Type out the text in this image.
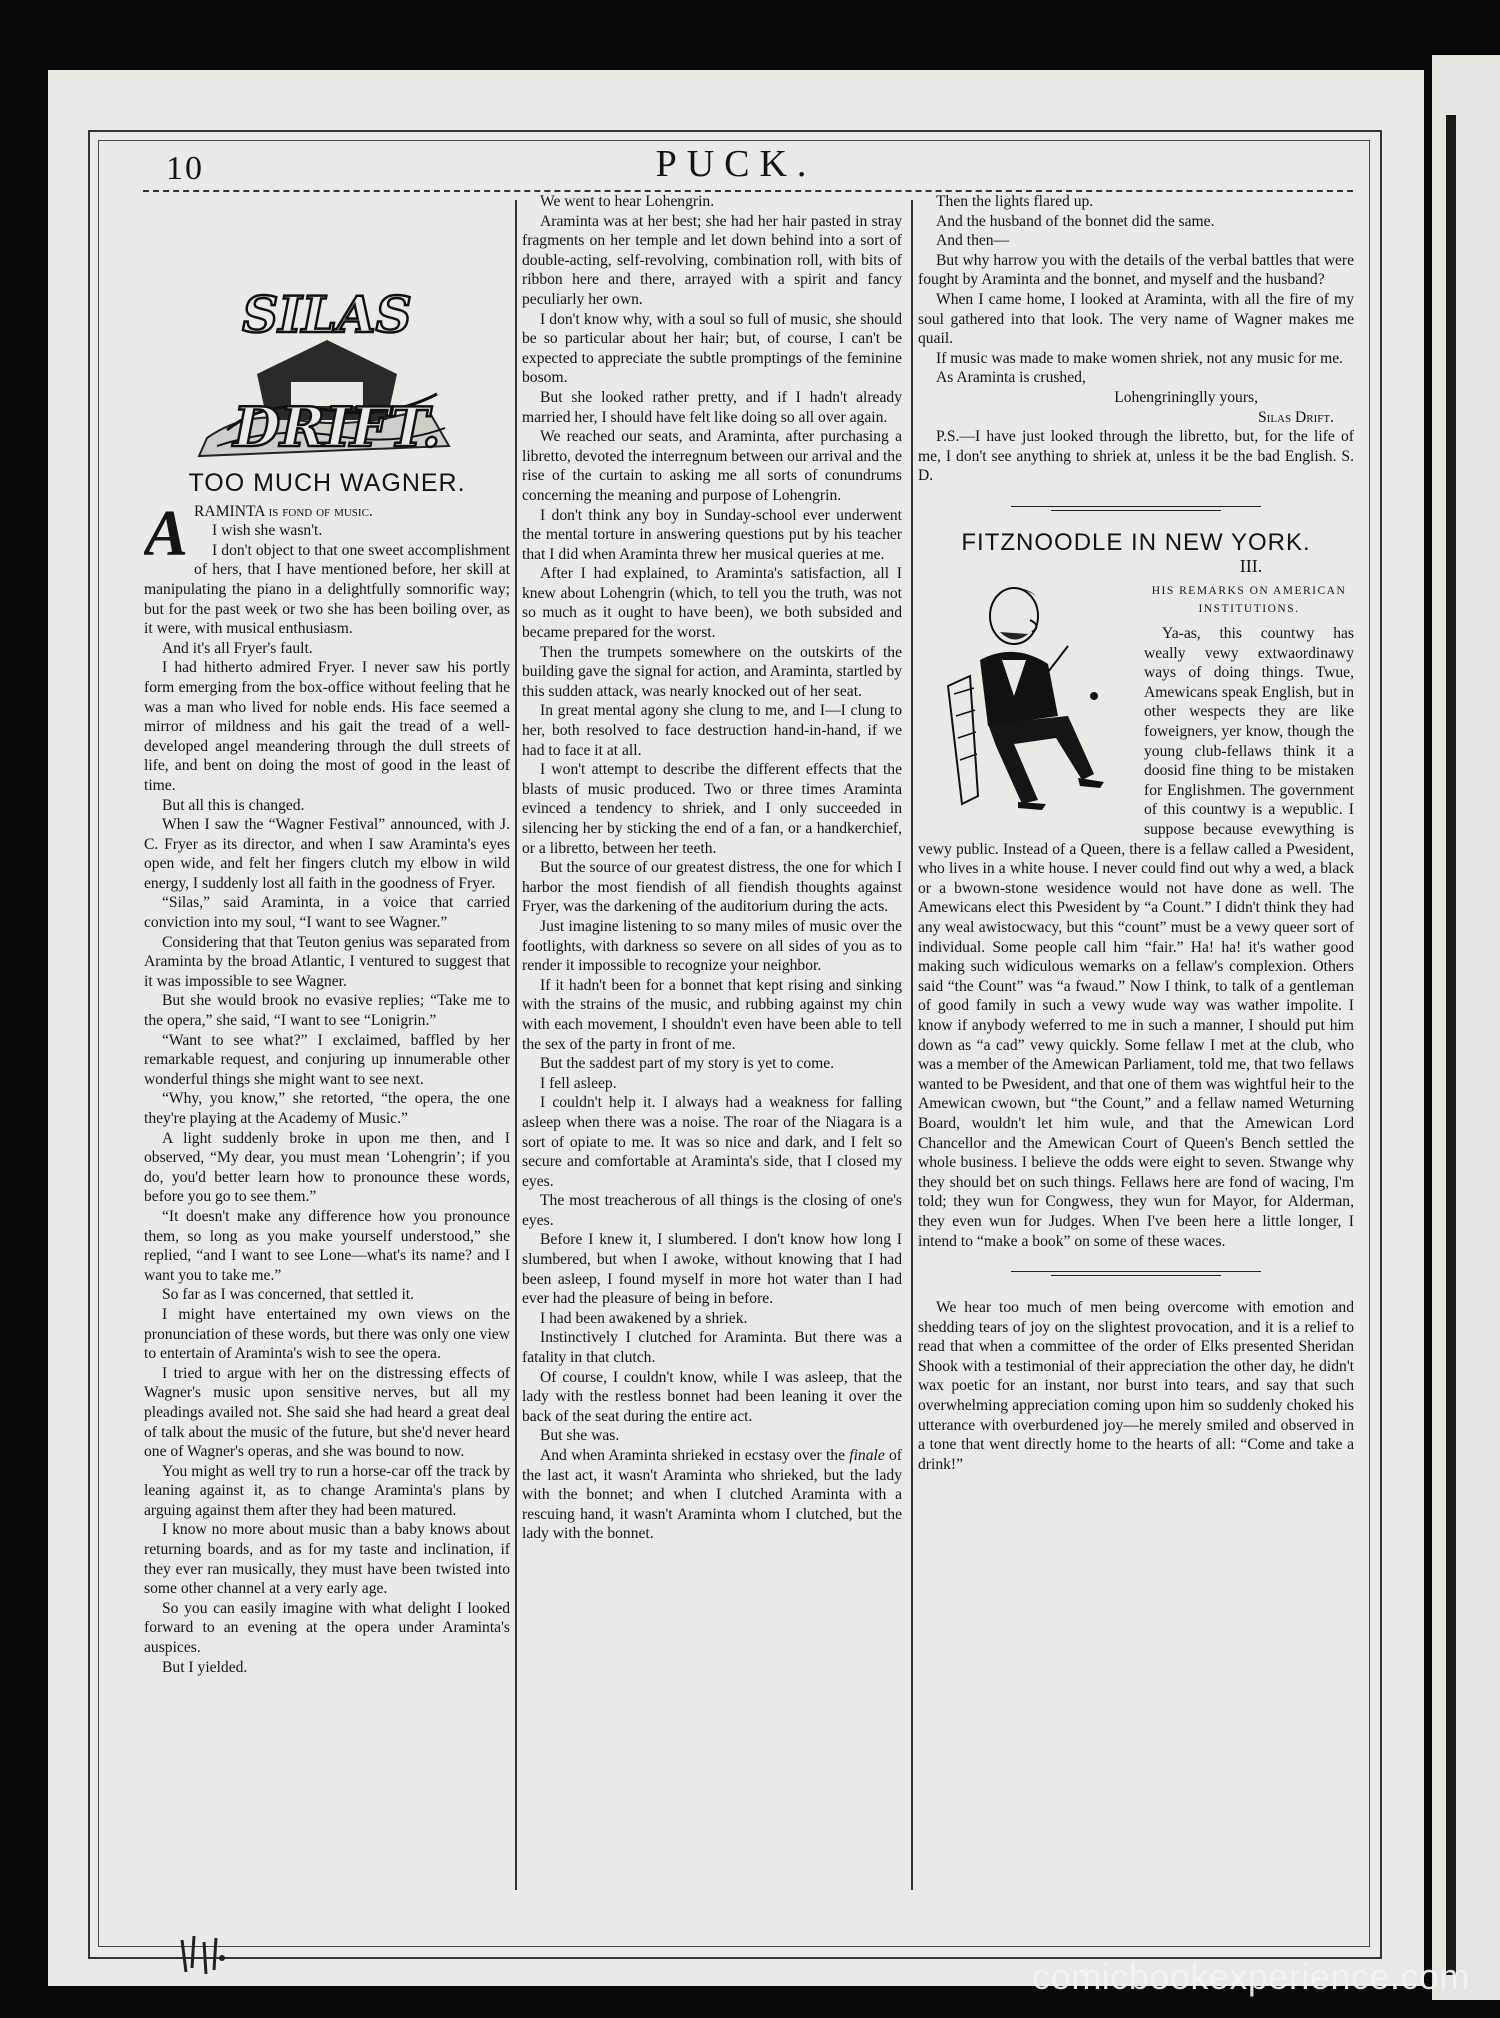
10	PUCK.
SILAS
DRIFT.
TOO MUCH WAGNER.

ARAMINTA is fond of music.

I wish she wasn't.

I don't object to that one sweet accomplishment of hers, that I have mentioned before, her skill at manipulating the piano in a delightfully somnorific way; but for the past week or two she has been boiling over, as it were, with musical enthusiasm.

And it's all Fryer's fault.

I had hitherto admired Fryer. I never saw his portly form emerging from the box-office without feeling that he was a man who lived for noble ends. His face seemed a mirror of mildness and his gait the tread of a well-developed angel meandering through the dull streets of life, and bent on doing the most of good in the least of time.

But all this is changed.

When I saw the “Wagner Festival” announced, with J. C. Fryer as its director, and when I saw Araminta's eyes open wide, and felt her fingers clutch my elbow in wild energy, I suddenly lost all faith in the goodness of Fryer.

“Silas,” said Araminta, in a voice that carried conviction into my soul, “I want to see Wagner.”

Considering that that Teuton genius was separated from Araminta by the broad Atlantic, I ventured to suggest that it was impossible to see Wagner.

But she would brook no evasive replies; “Take me to the opera,” she said, “I want to see “Lonigrin.”

“Want to see what?” I exclaimed, baffled by her remarkable request, and conjuring up innumerable other wonderful things she might want to see next.

“Why, you know,” she retorted, “the opera, the one they're playing at the Academy of Music.”

A light suddenly broke in upon me then, and I observed, “My dear, you must mean ‘Lohengrin’; if you do, you'd better learn how to pronounce these words, before you go to see them.”

“It doesn't make any difference how you pronounce them, so long as you make yourself understood,” she replied, “and I want to see Lone—what's its name? and I want you to take me.”

So far as I was concerned, that settled it.

I might have entertained my own views on the pronunciation of these words, but there was only one view to entertain of Araminta's wish to see the opera.

I tried to argue with her on the distressing effects of Wagner's music upon sensitive nerves, but all my pleadings availed not. She said she had heard a great deal of talk about the music of the future, but she'd never heard one of Wagner's operas, and she was bound to now.

You might as well try to run a horse-car off the track by leaning against it, as to change Araminta's plans by arguing against them after they had been matured.

I know no more about music than a baby knows about returning boards, and as for my taste and inclination, if they ever ran musically, they must have been twisted into some other channel at a very early age.

So you can easily imagine with what delight I looked forward to an evening at the opera under Araminta's auspices.

But I yielded.

We went to hear Lohengrin.

Araminta was at her best; she had her hair pasted in stray fragments on her temple and let down behind into a sort of double-acting, self-revolving, combination roll, with bits of ribbon here and there, arrayed with a spirit and fancy peculiarly her own.

I don't know why, with a soul so full of music, she should be so particular about her hair; but, of course, I can't be expected to appreciate the subtle promptings of the feminine bosom.

But she looked rather pretty, and if I hadn't already married her, I should have felt like doing so all over again.

We reached our seats, and Araminta, after purchasing a libretto, devoted the interregnum between our arrival and the rise of the curtain to asking me all sorts of conundrums concerning the meaning and purpose of Lohengrin.

I don't think any boy in Sunday-school ever underwent the mental torture in answering questions put by his teacher that I did when Araminta threw her musical queries at me.

After I had explained, to Araminta's satisfaction, all I knew about Lohengrin (which, to tell you the truth, was not so much as it ought to have been), we both subsided and became prepared for the worst.

Then the trumpets somewhere on the outskirts of the building gave the signal for action, and Araminta, startled by this sudden attack, was nearly knocked out of her seat.

In great mental agony she clung to me, and I—I clung to her, both resolved to face destruction hand-in-hand, if we had to face it at all.

I won't attempt to describe the different effects that the blasts of music produced. Two or three times Araminta evinced a tendency to shriek, and I only succeeded in silencing her by sticking the end of a fan, or a handkerchief, or a libretto, between her teeth.

But the source of our greatest distress, the one for which I harbor the most fiendish of all fiendish thoughts against Fryer, was the darkening of the auditorium during the acts.

Just imagine listening to so many miles of music over the footlights, with darkness so severe on all sides of you as to render it impossible to recognize your neighbor.

If it hadn't been for a bonnet that kept rising and sinking with the strains of the music, and rubbing against my chin with each movement, I shouldn't even have been able to tell the sex of the party in front of me.

But the saddest part of my story is yet to come.

I fell asleep.

I couldn't help it. I always had a weakness for falling asleep when there was a noise. The roar of the Niagara is a sort of opiate to me. It was so nice and dark, and I felt so secure and comfortable at Araminta's side, that I closed my eyes.

The most treacherous of all things is the closing of one's eyes.

Before I knew it, I slumbered. I don't know how long I slumbered, but when I awoke, without knowing that I had been asleep, I found myself in more hot water than I had ever had the pleasure of being in before.

I had been awakened by a shriek.

Instinctively I clutched for Araminta. But there was a fatality in that clutch.

Of course, I couldn't know, while I was asleep, that the lady with the restless bonnet had been leaning it over the back of the seat during the entire act.

But she was.

And when Araminta shrieked in ecstasy over the finale of the last act, it wasn't Araminta who shrieked, but the lady with the bonnet; and when I clutched Araminta with a rescuing hand, it wasn't Araminta whom I clutched, but the lady with the bonnet.

Then the lights flared up.

And the husband of the bonnet did the same.

And then—

But why harrow you with the details of the verbal battles that were fought by Araminta and the bonnet, and myself and the husband?

When I came home, I looked at Araminta, with all the fire of my soul gathered into that look. The very name of Wagner makes me quail.

If music was made to make women shriek, not any music for me.

As Araminta is crushed,

Lohengrininglly yours,

Silas Drift.

P.S.—I have just looked through the libretto, but, for the life of me, I don't see anything to shriek at, unless it be the bad English. S. D.

FITZNOODLE IN NEW YORK.
III.
HIS REMARKS ON AMERICAN INSTITUTIONS.

Ya-as, this countwy has weally vewy extwaordinawy ways of doing things. Twue, Amewicans speak English, but in other wespects they are like foweigners, yer know, though the young club-fellaws think it a doosid fine thing to be mistaken for Englishmen. The government of this countwy is a wepublic. I suppose because evewything is vewy public. Instead of a Queen, there is a fellaw called a Pwesident, who lives in a white house. I never could find out why a wed, a black or a bwown-stone wesidence would not have done as well. The Amewicans elect this Pwesident by “a Count.” I didn't think they had any weal awistocwacy, but this “count” must be a vewy queer sort of individual. Some people call him “fair.” Ha! ha! it's wather good making such widiculous wemarks on a fellaw's complexion. Others said “the Count” was “a fwaud.” Now I think, to talk of a gentleman of good family in such a vewy wude way was wather impolite. I know if anybody weferred to me in such a manner, I should put him down as “a cad” vewy quickly. Some fellaw I met at the club, who was a member of the Amewican Parliament, told me, that two fellaws wanted to be Pwesident, and that one of them was wightful heir to the Amewican cwown, but “the Count,” and a fellaw named Weturning Board, wouldn't let him wule, and that the Amewican Lord Chancellor and the Amewican Court of Queen's Bench settled the whole business. I believe the odds were eight to seven. Stwange why they should bet on such things. Fellaws here are fond of wacing, I'm told; they wun for Congwess, they wun for Mayor, for Alderman, they even wun for Judges. When I've been here a little longer, I intend to “make a book” on some of these waces.

We hear too much of men being overcome with emotion and shedding tears of joy on the slightest provocation, and it is a relief to read that when a committee of the order of Elks presented Sheridan Shook with a testimonial of their appreciation the other day, he didn't wax poetic for an instant, nor burst into tears, and say that such overwhelming appreciation coming upon him so suddenly choked his utterance with overburdened joy—he merely smiled and observed in a tone that went directly home to the hearts of all: “Come and take a drink!”

comicbookexperience.com
